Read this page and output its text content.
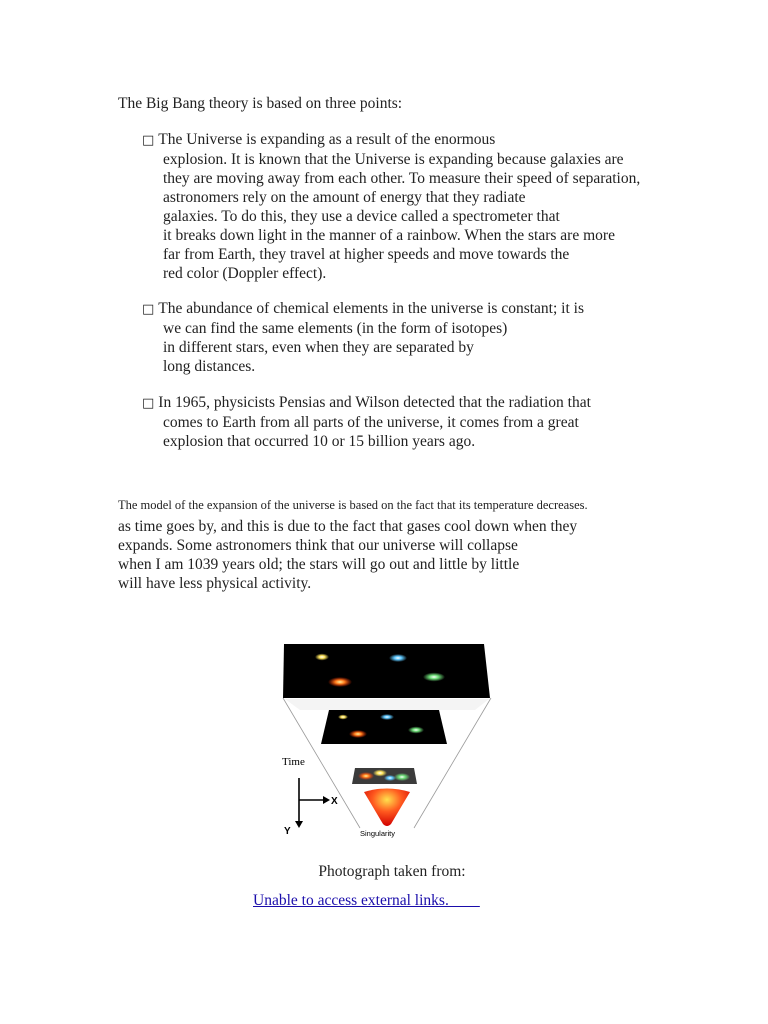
The Big Bang theory is based on three points:

□ The Universe is expanding as a result of the enormous
explosion. It is known that the Universe is expanding because galaxies are
they are moving away from each other. To measure their speed of separation,
astronomers rely on the amount of energy that they radiate
galaxies. To do this, they use a device called a spectrometer that
it breaks down light in the manner of a rainbow. When the stars are more
far from Earth, they travel at higher speeds and move towards the
red color (Doppler effect).
□ The abundance of chemical elements in the universe is constant; it is
we can find the same elements (in the form of isotopes)
in different stars, even when they are separated by
long distances.
□ In 1965, physicists Pensias and Wilson detected that the radiation that
comes to Earth from all parts of the universe, it comes from a great
explosion that occurred 10 or 15 billion years ago.

The model of the expansion of the universe is based on the fact that its temperature decreases.

as time goes by, and this is due to the fact that gases cool down when they
expands. Some astronomers think that our universe will collapse
when I am 1039 years old; the stars will go out and little by little
will have less physical activity.

Time
X
Y	Singularity

Photograph taken from:

Unable to access external links.
